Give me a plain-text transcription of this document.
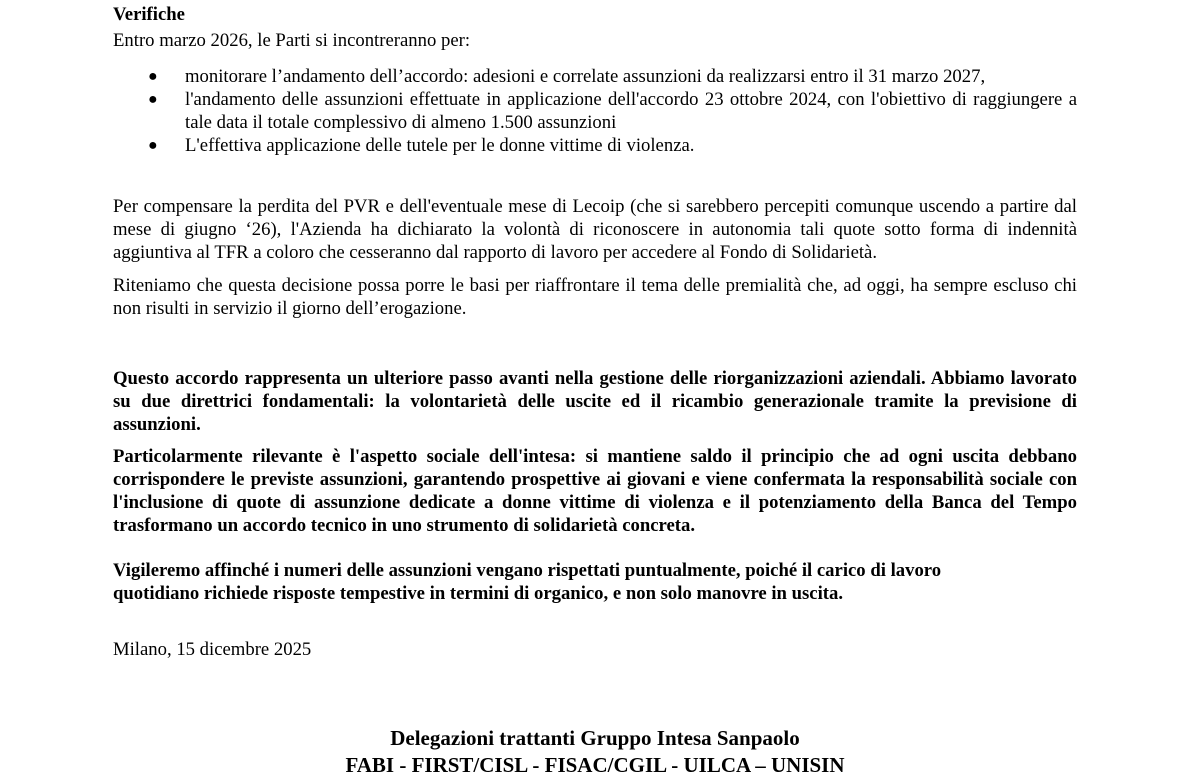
Verifiche

Entro marzo 2026, le Parti si incontreranno per:

● monitorare l’andamento dell’accordo: adesioni e correlate assunzioni da realizzarsi entro il 31 marzo 2027,
● l'andamento delle assunzioni effettuate in applicazione dell'accordo 23 ottobre 2024, con l'obiettivo di raggiungere a tale data il totale complessivo di almeno 1.500 assunzioni
● L'effettiva applicazione delle tutele per le donne vittime di violenza.

Per compensare la perdita del PVR e dell'eventuale mese di Lecoip (che si sarebbero percepiti comunque uscendo a partire dal mese di giugno ‘26), l'Azienda ha dichiarato la volontà di riconoscere in autonomia tali quote sotto forma di indennità aggiuntiva al TFR a coloro che cesseranno dal rapporto di lavoro per accedere al Fondo di Solidarietà.

Riteniamo che questa decisione possa porre le basi per riaffrontare il tema delle premialità che, ad oggi, ha sempre escluso chi non risulti in servizio il giorno dell’erogazione.

Questo accordo rappresenta un ulteriore passo avanti nella gestione delle riorganizzazioni aziendali. Abbiamo lavorato su due direttrici fondamentali: la volontarietà delle uscite ed il ricambio generazionale tramite la previsione di assunzioni.

Particolarmente rilevante è l'aspetto sociale dell'intesa: si mantiene saldo il principio che ad ogni uscita debbano corrispondere le previste assunzioni, garantendo prospettive ai giovani e viene confermata la responsabilità sociale con l'inclusione di quote di assunzione dedicate a donne vittime di violenza e il potenziamento della Banca del Tempo trasformano un accordo tecnico in uno strumento di solidarietà concreta.

Vigileremo affinché i numeri delle assunzioni vengano rispettati puntualmente, poiché il carico di lavoro
quotidiano richiede risposte tempestive in termini di organico, e non solo manovre in uscita.

Milano, 15 dicembre 2025

Delegazioni trattanti Gruppo Intesa Sanpaolo
FABI - FIRST/CISL - FISAC/CGIL - UILCA – UNISIN
